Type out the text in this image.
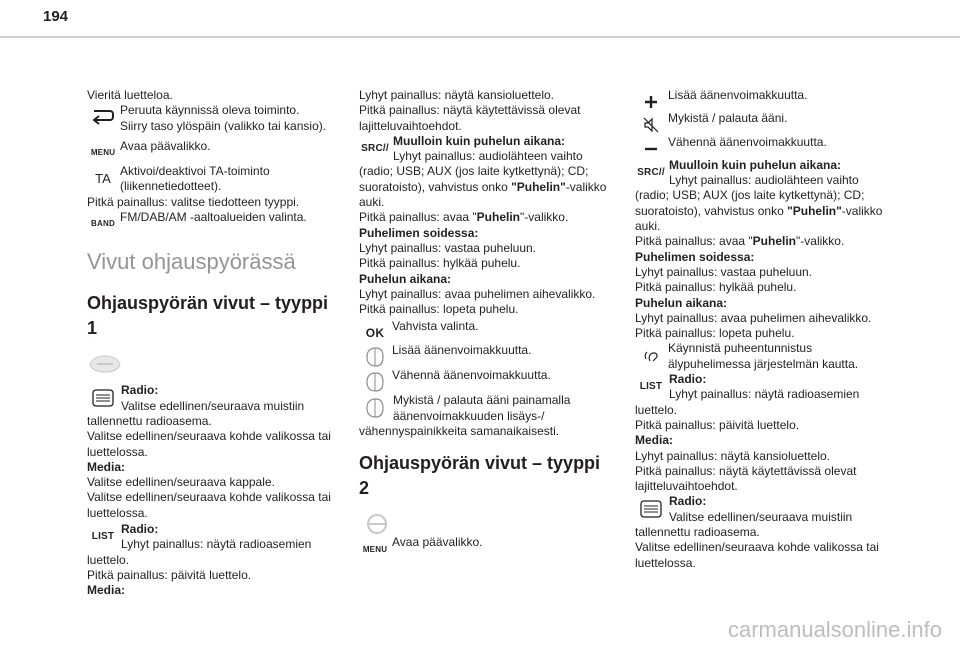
194
Vieritä luetteloa.
Peruuta käynnissä oleva toiminto.
Siirry taso ylöspäin (valikko tai kansio).
MENU Avaa päävalikko.
TA Aktivoi/deaktivoi TA-toiminto
(liikennetiedotteet).
Pitkä painallus: valitse tiedotteen tyyppi.
BAND FM/DAB/AM -aaltoalueiden valinta.
Vivut ohjauspyörässä
Ohjauspyörän vivut – tyyppi 1
Radio:
Valitse edellinen/seuraava muistiin
tallennettu radioasema.
Valitse edellinen/seuraava kohde valikossa tai
luettelossa.
Media:
Valitse edellinen/seuraava kappale.
Valitse edellinen/seuraava kohde valikossa tai
luettelossa.
LIST
Radio:
Lyhyt painallus: näytä radioasemien
luettelo.
Pitkä painallus: päivitä luettelo.
Media:
Lyhyt painallus: näytä kansioluettelo.
Pitkä painallus: näytä käytettävissä olevat
lajitteluvaihtoehdot.
SRC //
Muulloin kuin puhelun aikana:
Lyhyt painallus: audiolähteen vaihto
(radio; USB; AUX (jos laite kytkettynä); CD;
suoratoisto), vahvistus onko "Puhelin"-valikko
auki.
Pitkä painallus: avaa "Puhelin"-valikko.
Puhelimen soidessa:
Lyhyt painallus: vastaa puheluun.
Pitkä painallus: hylkää puhelu.
Puhelun aikana:
Lyhyt painallus: avaa puhelimen aihevalikko.
Pitkä painallus: lopeta puhelu.
OK Vahvista valinta.
Lisää äänenvoimakkuutta.
Vähennä äänenvoimakkuutta.
Mykistä / palauta ääni painamalla
äänenvoimakkuuden lisäys-/
vähennyspainikkeita samanaikaisesti.
Ohjauspyörän vivut – tyyppi 2
MENU Avaa päävalikko.
Lisää äänenvoimakkuutta.
Mykistä / palauta ääni.
Vähennä äänenvoimakkuutta.
SRC //
Muulloin kuin puhelun aikana:
Lyhyt painallus: audiolähteen vaihto
(radio; USB; AUX (jos laite kytkettynä); CD;
suoratoisto), vahvistus onko "Puhelin"-valikko
auki.
Pitkä painallus: avaa "Puhelin"-valikko.
Puhelimen soidessa:
Lyhyt painallus: vastaa puheluun.
Pitkä painallus: hylkää puhelu.
Puhelun aikana:
Lyhyt painallus: avaa puhelimen aihevalikko.
Pitkä painallus: lopeta puhelu.
Käynnistä puheentunnistus
älypuhelimessa järjestelmän kautta.
LIST
Radio:
Lyhyt painallus: näytä radioasemien
luettelo.
Pitkä painallus: päivitä luettelo.
Media:
Lyhyt painallus: näytä kansioluettelo.
Pitkä painallus: näytä käytettävissä olevat
lajitteluvaihtoehdot.
Radio:
Valitse edellinen/seuraava muistiin
tallennettu radioasema.
Valitse edellinen/seuraava kohde valikossa tai
luettelossa.
carmanualsonline.info
